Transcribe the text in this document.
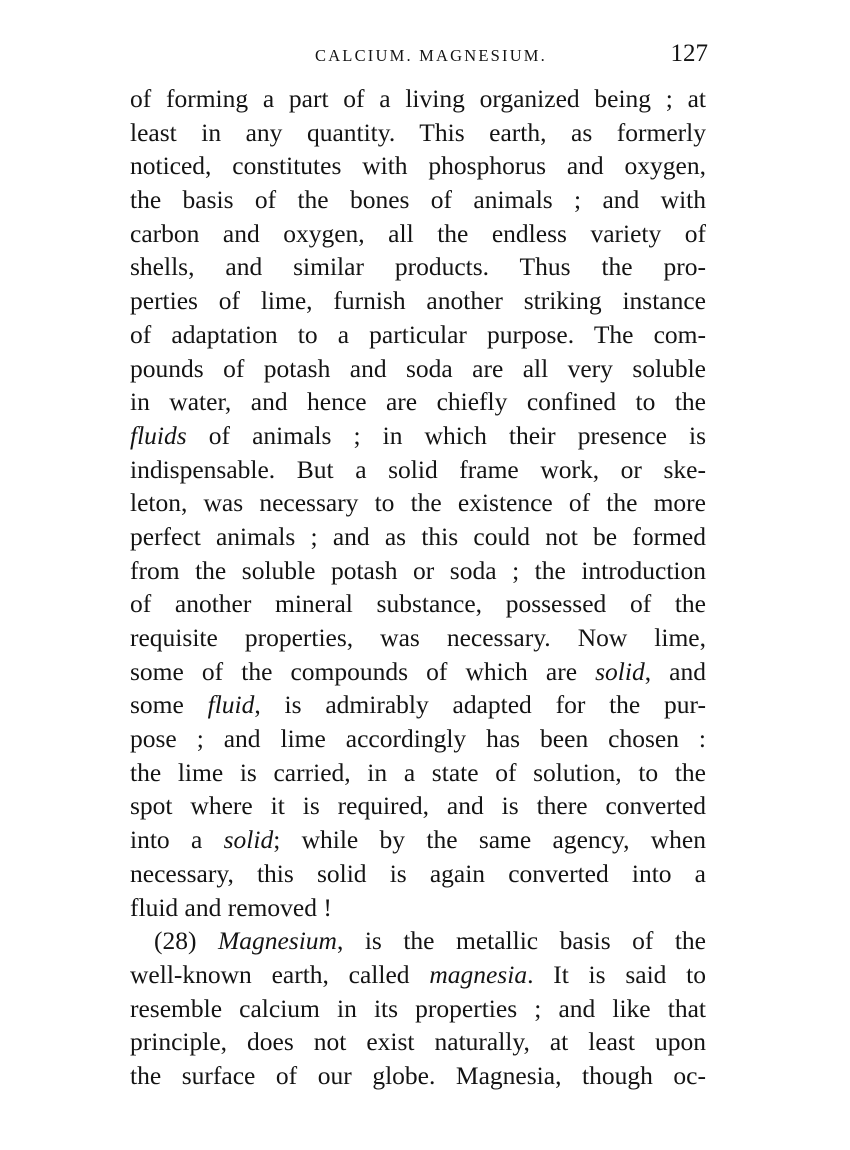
CALCIUM. MAGNESIUM.	127
of forming a part of a living organized being ; at
least in any quantity. This earth, as formerly
noticed, constitutes with phosphorus and oxygen,
the basis of the bones of animals ; and with
carbon and oxygen, all the endless variety of
shells, and similar products. Thus the pro-
perties of lime, furnish another striking instance
of adaptation to a particular purpose. The com-
pounds of potash and soda are all very soluble
in water, and hence are chiefly confined to the
fluids of animals ; in which their presence is
indispensable. But a solid frame work, or ske-
leton, was necessary to the existence of the more
perfect animals ; and as this could not be formed
from the soluble potash or soda ; the introduction
of another mineral substance, possessed of the
requisite properties, was necessary. Now lime,
some of the compounds of which are solid, and
some fluid, is admirably adapted for the pur-
pose ; and lime accordingly has been chosen :
the lime is carried, in a state of solution, to the
spot where it is required, and is there converted
into a solid; while by the same agency, when
necessary, this solid is again converted into a
fluid and removed !
(28) Magnesium, is the metallic basis of the
well-known earth, called magnesia. It is said to
resemble calcium in its properties ; and like that
principle, does not exist naturally, at least upon
the surface of our globe. Magnesia, though oc-
